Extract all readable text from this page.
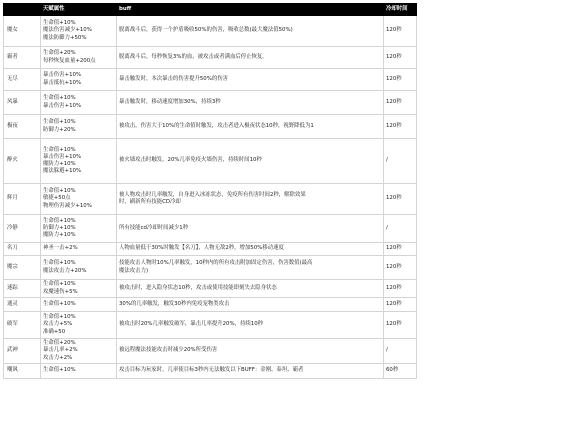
	天赋属性	buff	冷却时间
魔女	生命值+10%
魔法伤害减少+10%
魔法防御力+50%	脱离战斗后，获得一个护盾吸收50%的伤害，吸收总数(最大魔法值50%)	120秒
霸者	生命值+20%
每秒恢复血量+200点	脱离战斗后，每秒恢复3%的血，被攻击或者满血后停止恢复。	120秒
无尽	暴击伤害+10%
暴击抵抗+10%	暴击触发时，本次暴击的伤害提升50%的伤害	120秒
风暴	生命值+10%
暴击伤害+10%	暴击触发时，移动速度增加30%，持续3秒	120秒
极夜	生命值+10%
防御力+20%	被攻击，伤害大于10%的生命值时触发，攻击者进入极夜状态10秒，视野降低为1	120秒
醉火	生命值+10%
暴击伤害+10%
魔防力+10%
魔法躲避+10%	被火墙攻击时触发，20%几率免疫火墙伤害，持续时间10秒	/
辉月	生命值+10%
敏捷+50点
物理伤害减少+10%	被人物攻击时几率触发，自身进入冰冻状态，免疫所有伤害时间2秒，解除效果
时，刷新所有技能CD冷却	120秒
冷静	生命值+10%
防御力+10%
魔防力+10%	所有技能cd冷却时间减少1秒	/
名刀	神圣一击+2%	人物血量低于30%时触发【名刀】，人物无敌2秒，增加50%移动速度	120秒
魔宗	生命值+10%
魔法攻击力+20%	技能攻击人物时10%几率触发，10秒内的所有攻击附加固定伤害，伤害数值(最高
魔法攻击力)	120秒
迷踪	生命值+10%
攻魔速伤+5%	被攻击时，进入隐身状态10秒，攻击或使用技能即刻失去隐身状态	120秒
通灵	生命值+10%	30%的几率触发，触发30秒内免疫宠物类攻击	120秒
破军	生命值+10%
攻击力+5%
准确+50	被攻击时20%几率触发破军，暴击几率提升20%，持续10秒	120秒
武神	生命值+20%
暴击几率+2%
攻击力+2%	被远程魔法技能攻击时减少20%所受伤害	/
嘲讽	生命值+10%	攻击目标为玩家时，几率使目标3秒内无法触发以下BUFF：金刚、泰坦、霸者	60秒
